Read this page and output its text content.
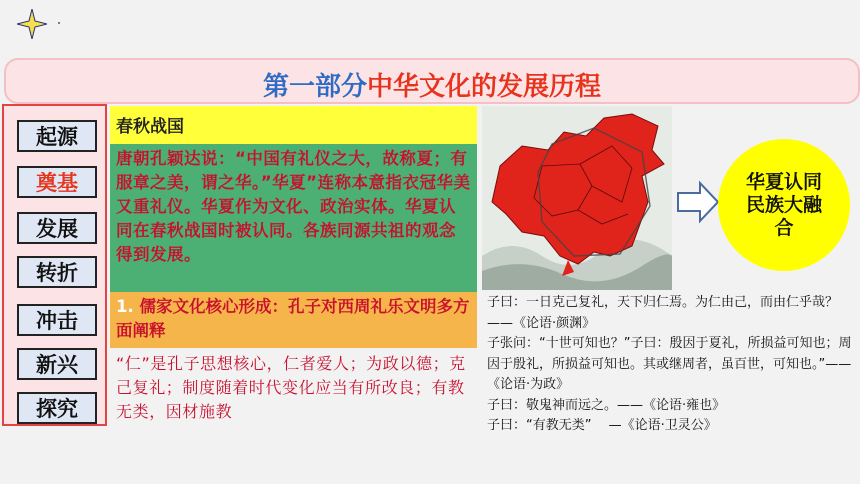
第一部分中华文化的发展历程
起源
奠基
发展
转折
冲击
新兴
探究
春秋战国
唐朝孔颖达说：“中国有礼仪之大，故称夏；有服章之美，谓之华。”华夏”连称本意指衣冠华美又重礼仪。华夏作为文化、政治实体。华夏认同在春秋战国时被认同。各族同源共祖的观念得到发展。
1. 儒家文化核心形成：孔子对西周礼乐文明多方面阐释
“仁”是孔子思想核心，仁者爱人；为政以德；克己复礼；制度随着时代变化应当有所改良；有教无类，因材施教
华夏认同
民族大融
合

子曰：一日克己复礼，天下归仁焉。为仁由己，而由仁乎哉？——《论语·颜渊》

子张问：“十世可知也？”子曰：殷因于夏礼，所损益可知也；周因于殷礼，所损益可知也。其或继周者，虽百世，可知也。”——《论语·为政》

子曰：敬鬼神而远之。——《论语·雍也》

子曰：“有教无类”　 —《论语·卫灵公》
